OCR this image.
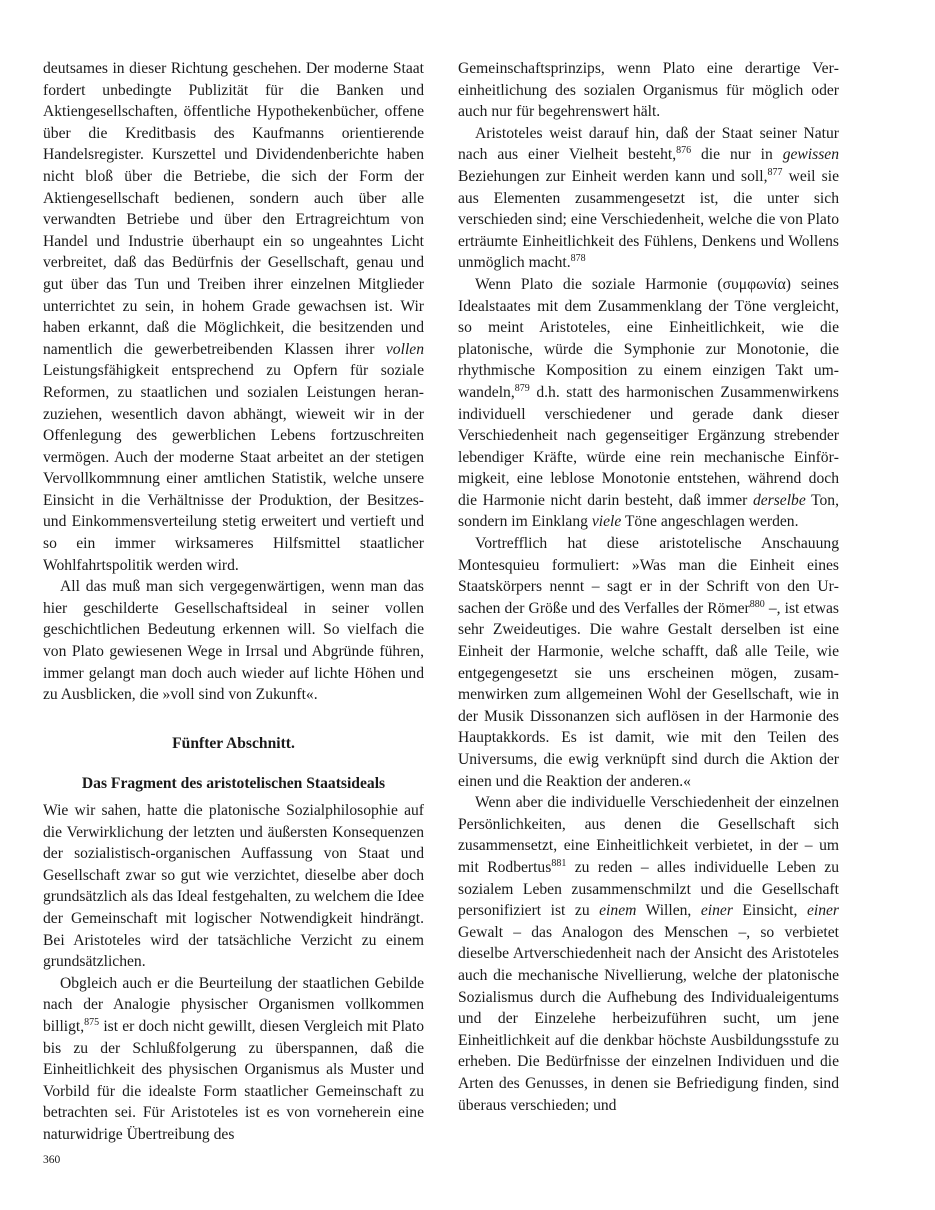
deutsames in dieser Richtung geschehen. Der moderne Staat fordert unbedingte Publizität für die Banken und Aktiengesellschaften, öffentliche Hypothekenbücher, offene über die Kreditbasis des Kaufmanns orientierende Handelsregister. Kurszettel und Dividendenberichte haben nicht bloß über die Betriebe, die sich der Form der Aktiengesellschaft bedienen, sondern auch über alle verwandten Betriebe und über den Ertragreichtum von Handel und Industrie überhaupt ein so ungeahntes Licht verbreitet, daß das Bedürfnis der Gesellschaft, genau und gut über das Tun und Treiben ihrer einzelnen Mitglieder unterrichtet zu sein, in hohem Grade gewachsen ist. Wir haben erkannt, daß die Möglichkeit, die besitzenden und namentlich die gewerbetreibenden Klassen ihrer vollen Leistungsfähigkeit entsprechend zu Opfern für soziale Reformen, zu staatlichen und sozialen Leistungen heranzuziehen, wesentlich davon abhängt, wieweit wir in der Offenlegung des gewerblichen Lebens fortzuschreiten vermögen. Auch der moderne Staat arbeitet an der stetigen Vervollkommnung einer amtlichen Statistik, welche unsere Einsicht in die Verhältnisse der Produktion, der Besitzes- und Einkommensverteilung stetig erweitert und vertieft und so ein immer wirksameres Hilfsmittel staatlicher Wohlfahrtspolitik werden wird.

All das muß man sich vergegenwärtigen, wenn man das hier geschilderte Gesellschaftsideal in seiner vollen geschichtlichen Bedeutung erkennen will. So vielfach die von Plato gewiesenen Wege in Irrsal und Abgründe führen, immer gelangt man doch auch wieder auf lichte Höhen und zu Ausblicken, die »voll sind von Zukunft«.

Fünfter Abschnitt.
Das Fragment des aristotelischen Staatsideals

Wie wir sahen, hatte die platonische Sozialphilosophie auf die Verwirklichung der letzten und äußersten Konsequenzen der sozialistisch-organischen Auffassung von Staat und Gesellschaft zwar so gut wie verzichtet, dieselbe aber doch grundsätzlich als das Ideal festgehalten, zu welchem die Idee der Gemeinschaft mit logischer Notwendigkeit hindrängt. Bei Aristoteles wird der tatsächliche Verzicht zu einem grundsätzlichen.

Obgleich auch er die Beurteilung der staatlichen Gebilde nach der Analogie physischer Organismen vollkommen billigt,$^{875}$ ist er doch nicht gewillt, diesen Vergleich mit Plato bis zu der Schlußfolgerung zu überspannen, daß die Einheitlichkeit des physischen Organismus als Muster und Vorbild für die idealste Form staatlicher Gemeinschaft zu betrachten sei. Für Aristoteles ist es von vorneherein eine naturwidrige Übertreibung des

Gemeinschaftsprinzips, wenn Plato eine derartige Vereinheitlichung des sozialen Organismus für möglich oder auch nur für begehrenswert hält.

Aristoteles weist darauf hin, daß der Staat seiner Natur nach aus einer Vielheit besteht,$^{876}$ die nur in gewissen Beziehungen zur Einheit werden kann und soll,$^{877}$ weil sie aus Elementen zusammengesetzt ist, die unter sich verschieden sind; eine Verschiedenheit, welche die von Plato erträumte Einheitlichkeit des Fühlens, Denkens und Wollens unmöglich macht.$^{878}$

Wenn Plato die soziale Harmonie (συμφωνία) seines Idealstaates mit dem Zusammenklang der Töne vergleicht, so meint Aristoteles, eine Einheitlichkeit, wie die platonische, würde die Symphonie zur Monotonie, die rhythmische Komposition zu einem einzigen Takt umwandeln,$^{879}$ d.h. statt des harmonischen Zusammenwirkens individuell verschiedener und gerade dank dieser Verschiedenheit nach gegenseitiger Ergänzung strebender lebendiger Kräfte, würde eine rein mechanische Einförmigkeit, eine leblose Monotonie entstehen, während doch die Harmonie nicht darin besteht, daß immer derselbe Ton, sondern im Einklang viele Töne angeschlagen werden.

Vortrefflich hat diese aristotelische Anschauung Montesquieu formuliert: »Was man die Einheit eines Staatskörpers nennt – sagt er in der Schrift von den Ursachen der Größe und des Verfalles der Römer$^{880}$ –, ist etwas sehr Zweideutiges. Die wahre Gestalt derselben ist eine Einheit der Harmonie, welche schafft, daß alle Teile, wie entgegengesetzt sie uns erscheinen mögen, zusammenwirken zum allgemeinen Wohl der Gesellschaft, wie in der Musik Dissonanzen sich auflösen in der Harmonie des Hauptakkords. Es ist damit, wie mit den Teilen des Universums, die ewig verknüpft sind durch die Aktion der einen und die Reaktion der anderen.«

Wenn aber die individuelle Verschiedenheit der einzelnen Persönlichkeiten, aus denen die Gesellschaft sich zusammensetzt, eine Einheitlichkeit verbietet, in der – um mit Rodbertus$^{881}$ zu reden – alles individuelle Leben zu sozialem Leben zusammenschmilzt und die Gesellschaft personifiziert ist zu einem Willen, einer Einsicht, einer Gewalt – das Analogon des Menschen –, so verbietet dieselbe Artverschiedenheit nach der Ansicht des Aristoteles auch die mechanische Nivellierung, welche der platonische Sozialismus durch die Aufhebung des Individualeigentums und der Einzelehe herbeizuführen sucht, um jene Einheitlichkeit auf die denkbar höchste Ausbildungsstufe zu erheben. Die Bedürfnisse der einzelnen Individuen und die Arten des Genusses, in denen sie Befriedigung finden, sind überaus verschieden; und

360
